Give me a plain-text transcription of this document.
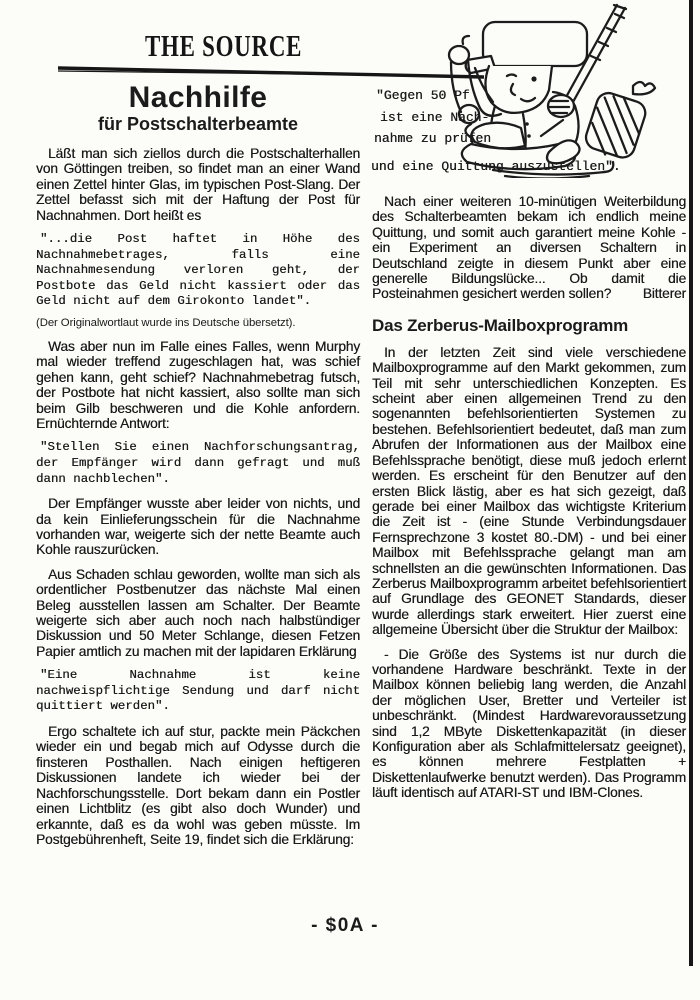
THE SOURCE
"Gegen 50 Pf
ist eine Nach-
nahme zu prüfen
und eine Quittung auszustellen".
Nachhilfe
für Postschalterbeamte

Läßt man sich ziellos durch die Postschalterhallen von Göttingen treiben, so findet man an einer Wand einen Zettel hinter Glas, im typischen Post-Slang. Der Zettel befasst sich mit der Haftung der Post für Nachnahmen. Dort heißt es

"...die Post haftet in Höhe des Nachnahmebetrages, falls eine Nachnahmesendung verloren geht, der Postbote das Geld nicht kassiert oder das Geld nicht auf dem Girokonto landet".

(Der Originalwortlaut wurde ins Deutsche übersetzt).

Was aber nun im Falle eines Falles, wenn Murphy mal wieder treffend zugeschlagen hat, was schief gehen kann, geht schief? Nachnahmebetrag futsch, der Postbote hat nicht kassiert, also sollte man sich beim Gilb beschweren und die Kohle anfordern. Ernüchternde Antwort:

"Stellen Sie einen Nachforschungsantrag, der Empfänger wird dann gefragt und muß dann nachblechen".

Der Empfänger wusste aber leider von nichts, und da kein Einlieferungsschein für die Nachnahme vorhanden war, weigerte sich der nette Beamte auch Kohle rauszurücken.

Aus Schaden schlau geworden, wollte man sich als ordentlicher Postbenutzer das nächste Mal einen Beleg ausstellen lassen am Schalter. Der Beamte weigerte sich aber auch noch nach halbstündiger Diskussion und 50 Meter Schlange, diesen Fetzen Papier amtlich zu machen mit der lapidaren Erklärung

"Eine Nachnahme ist keine nachweispflichtige Sendung und darf nicht quittiert werden".

Ergo schaltete ich auf stur, packte mein Päckchen wieder ein und begab mich auf Odysse durch die finsteren Posthallen. Nach einigen heftigeren Diskussionen landete ich wieder bei der Nachforschungsstelle. Dort bekam dann ein Postler einen Lichtblitz (es gibt also doch Wunder) und erkannte, daß es da wohl was geben müsste. Im Postgebührenheft, Seite 19, findet sich die Erklärung:

Nach einer weiteren 10-minütigen Weiterbildung des Schalterbeamten bekam ich endlich meine Quittung, und somit auch garantiert meine Kohle - ein Experiment an diversen Schaltern in Deutschland zeigte in diesem Punkt aber eine generelle Bildungslücke... Ob damit die Posteinahmen gesichert werden sollen?	Bitterer

Das Zerberus-Mailboxprogramm

In der letzten Zeit sind viele verschiedene Mailboxprogramme auf den Markt gekommen, zum Teil mit sehr unterschiedlichen Konzepten. Es scheint aber einen allgemeinen Trend zu den sogenannten befehlsorientierten Systemen zu bestehen. Befehlsorientiert bedeutet, daß man zum Abrufen der Informationen aus der Mailbox eine Befehlssprache benötigt, diese muß jedoch erlernt werden. Es erscheint für den Benutzer auf den ersten Blick lästig, aber es hat sich gezeigt, daß gerade bei einer Mailbox das wichtigste Kriterium die Zeit ist - (eine Stunde Verbindungsdauer Fernsprechzone 3 kostet 80.-DM) - und bei einer Mailbox mit Befehlssprache gelangt man am schnellsten an die gewünschten Informationen. Das Zerberus Mailboxprogramm arbeitet befehlsorientiert auf Grundlage des GEONET Standards, dieser wurde allerdings stark erweitert. Hier zuerst eine allgemeine Übersicht über die Struktur der Mailbox:

- Die Größe des Systems ist nur durch die vorhandene Hardware beschränkt. Texte in der Mailbox können beliebig lang werden, die Anzahl der möglichen User, Bretter und Verteiler ist unbeschränkt. (Mindest Hardwarevoraussetzung sind 1,2 MByte Diskettenkapazität (in dieser Konfiguration aber als Schlafmittelersatz geeignet), es können mehrere Festplatten + Diskettenlaufwerke benutzt werden). Das Programm läuft identisch auf ATARI-ST und IBM-Clones.

- $0A -
